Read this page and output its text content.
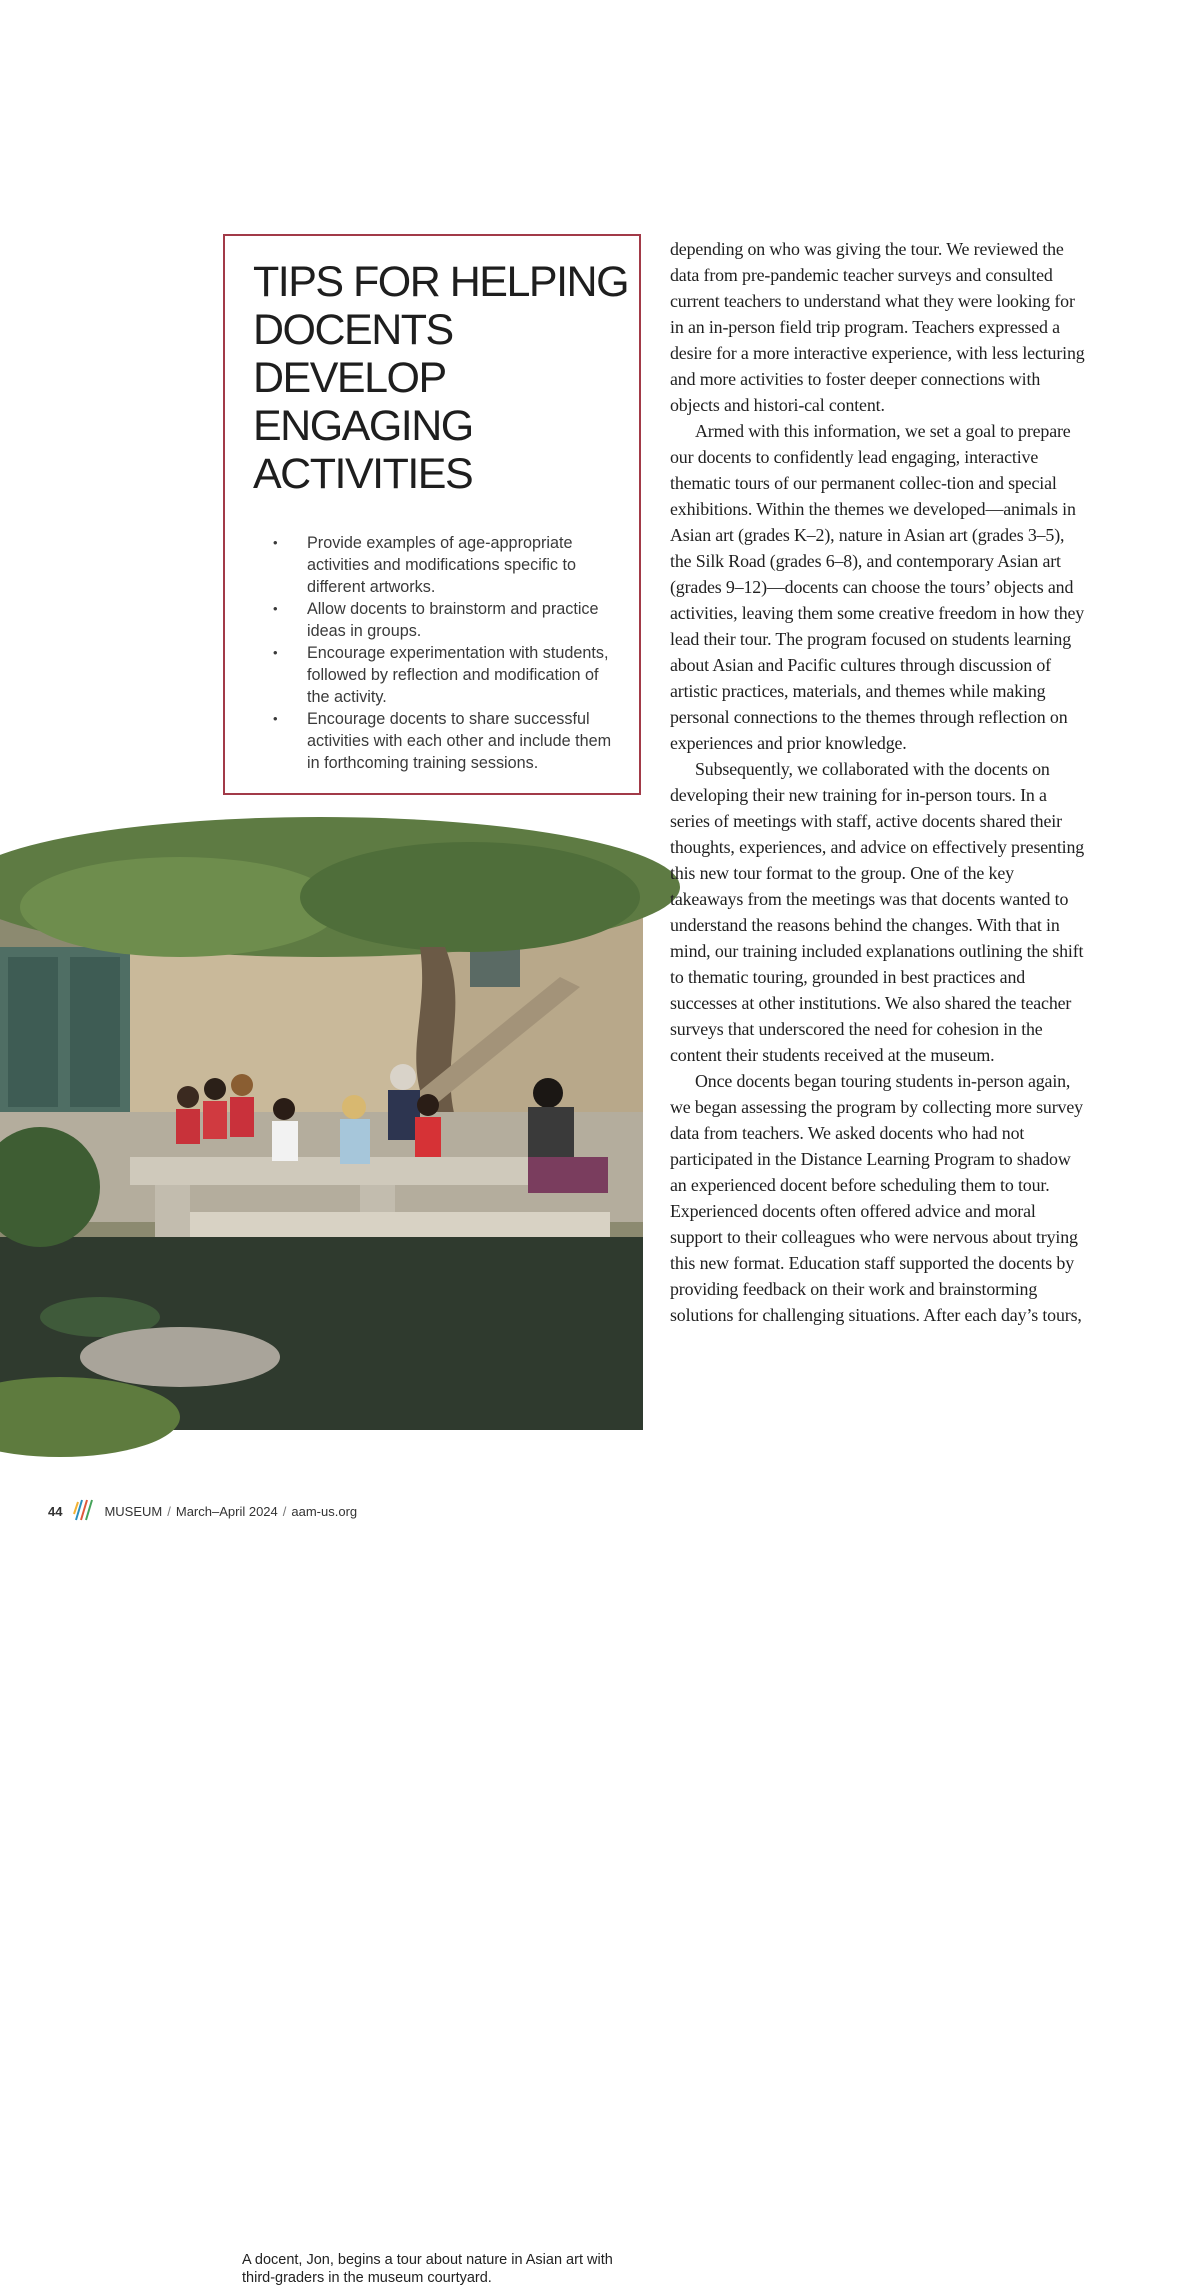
TIPS FOR HELPING DOCENTS DEVELOP ENGAGING ACTIVITIES
• Provide examples of age-appropriate activities and modifications specific to different artworks.
• Allow docents to brainstorm and practice ideas in groups.
• Encourage experimentation with students, followed by reflection and modification of the activity.
• Encourage docents to share successful activities with each other and include them in forthcoming training sessions.
A docent, Jon, begins a tour about nature in Asian art with third-graders in the museum courtyard.

depending on who was giving the tour. We reviewed the data from pre-pandemic teacher surveys and consulted current teachers to understand what they were looking for in an in-person field trip program. Teachers expressed a desire for a more interactive experience, with less lecturing and more activities to foster deeper connections with objects and histori-cal content.

Armed with this information, we set a goal to prepare our docents to confidently lead engaging, interactive thematic tours of our permanent collec-tion and special exhibitions. Within the themes we developed—animals in Asian art (grades K–2), nature in Asian art (grades 3–5), the Silk Road (grades 6–8), and contemporary Asian art (grades 9–12)—docents can choose the tours’ objects and activities, leaving them some creative freedom in how they lead their tour. The program focused on students learning about Asian and Pacific cultures through discussion of artistic practices, materials, and themes while making personal connections to the themes through reflection on experiences and prior knowledge.

Subsequently, we collaborated with the docents on developing their new training for in-person tours. In a series of meetings with staff, active docents shared their thoughts, experiences, and advice on effectively presenting this new tour format to the group. One of the key takeaways from the meetings was that docents wanted to understand the reasons behind the changes. With that in mind, our training included explanations outlining the shift to thematic touring, grounded in best practices and successes at other institutions. We also shared the teacher surveys that underscored the need for cohesion in the content their students received at the museum.

Once docents began touring students in-person again, we began assessing the program by collecting more survey data from teachers. We asked docents who had not participated in the Distance Learning Program to shadow an experienced docent before scheduling them to tour. Experienced docents often offered advice and moral support to their colleagues who were nervous about trying this new format. Education staff supported the docents by providing feedback on their work and brainstorming solutions for challenging situations. After each day’s tours,

44	MUSEUM / March–April 2024 / aam-us.org
